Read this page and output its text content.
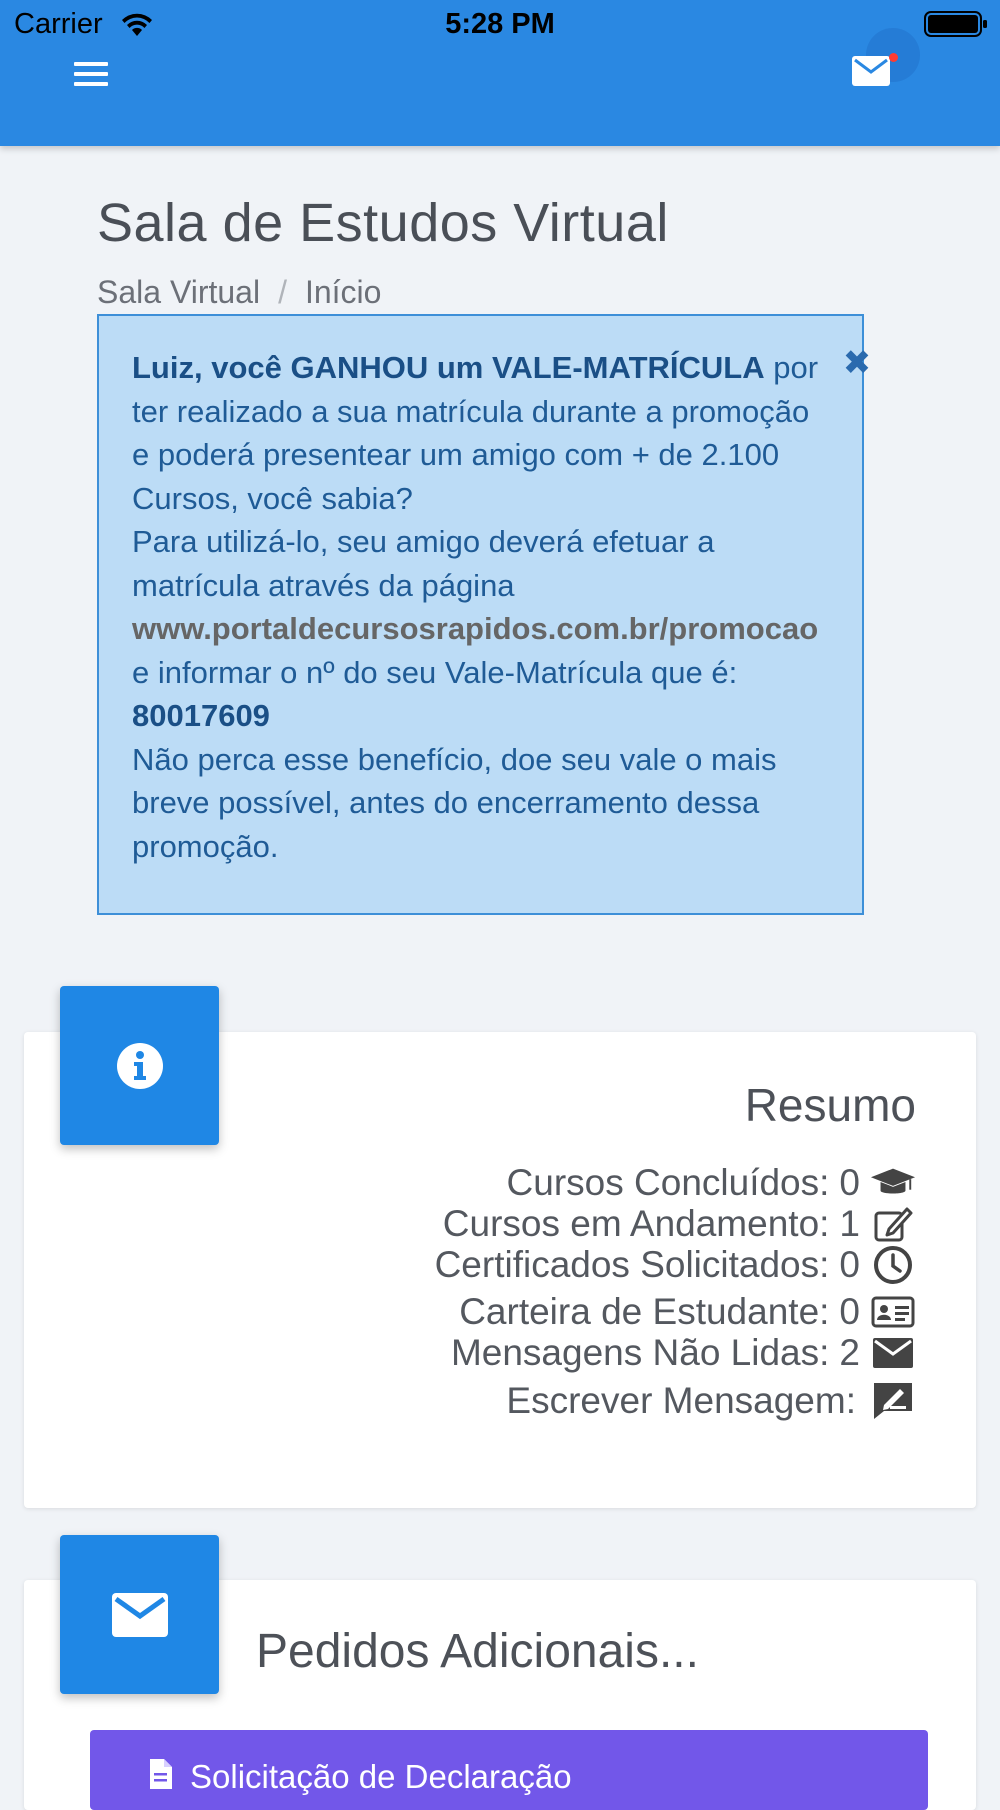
Carrier	5:28 PM
Sala de Estudos Virtual
Sala Virtual / Início
Luiz, você GANHOU um VALE-MATRÍCULA por ter realizado a sua matrícula durante a promoção e poderá presentear um amigo com + de 2.100 Cursos, você sabia?
Para utilizá-lo, seu amigo deverá efetuar a matrícula através da página www.portaldecursosrapidos.com.br/promocao e informar o nº do seu Vale-Matrícula que é:
80017609
Não perca esse benefício, doe seu vale o mais breve possível, antes do encerramento dessa promoção.
✖
Resumo
Cursos Concluídos: 0
Cursos em Andamento: 1
Certificados Solicitados: 0
Carteira de Estudante: 0
Mensagens Não Lidas: 2
Escrever Mensagem:
Pedidos Adicionais...
Solicitação de Declaração
